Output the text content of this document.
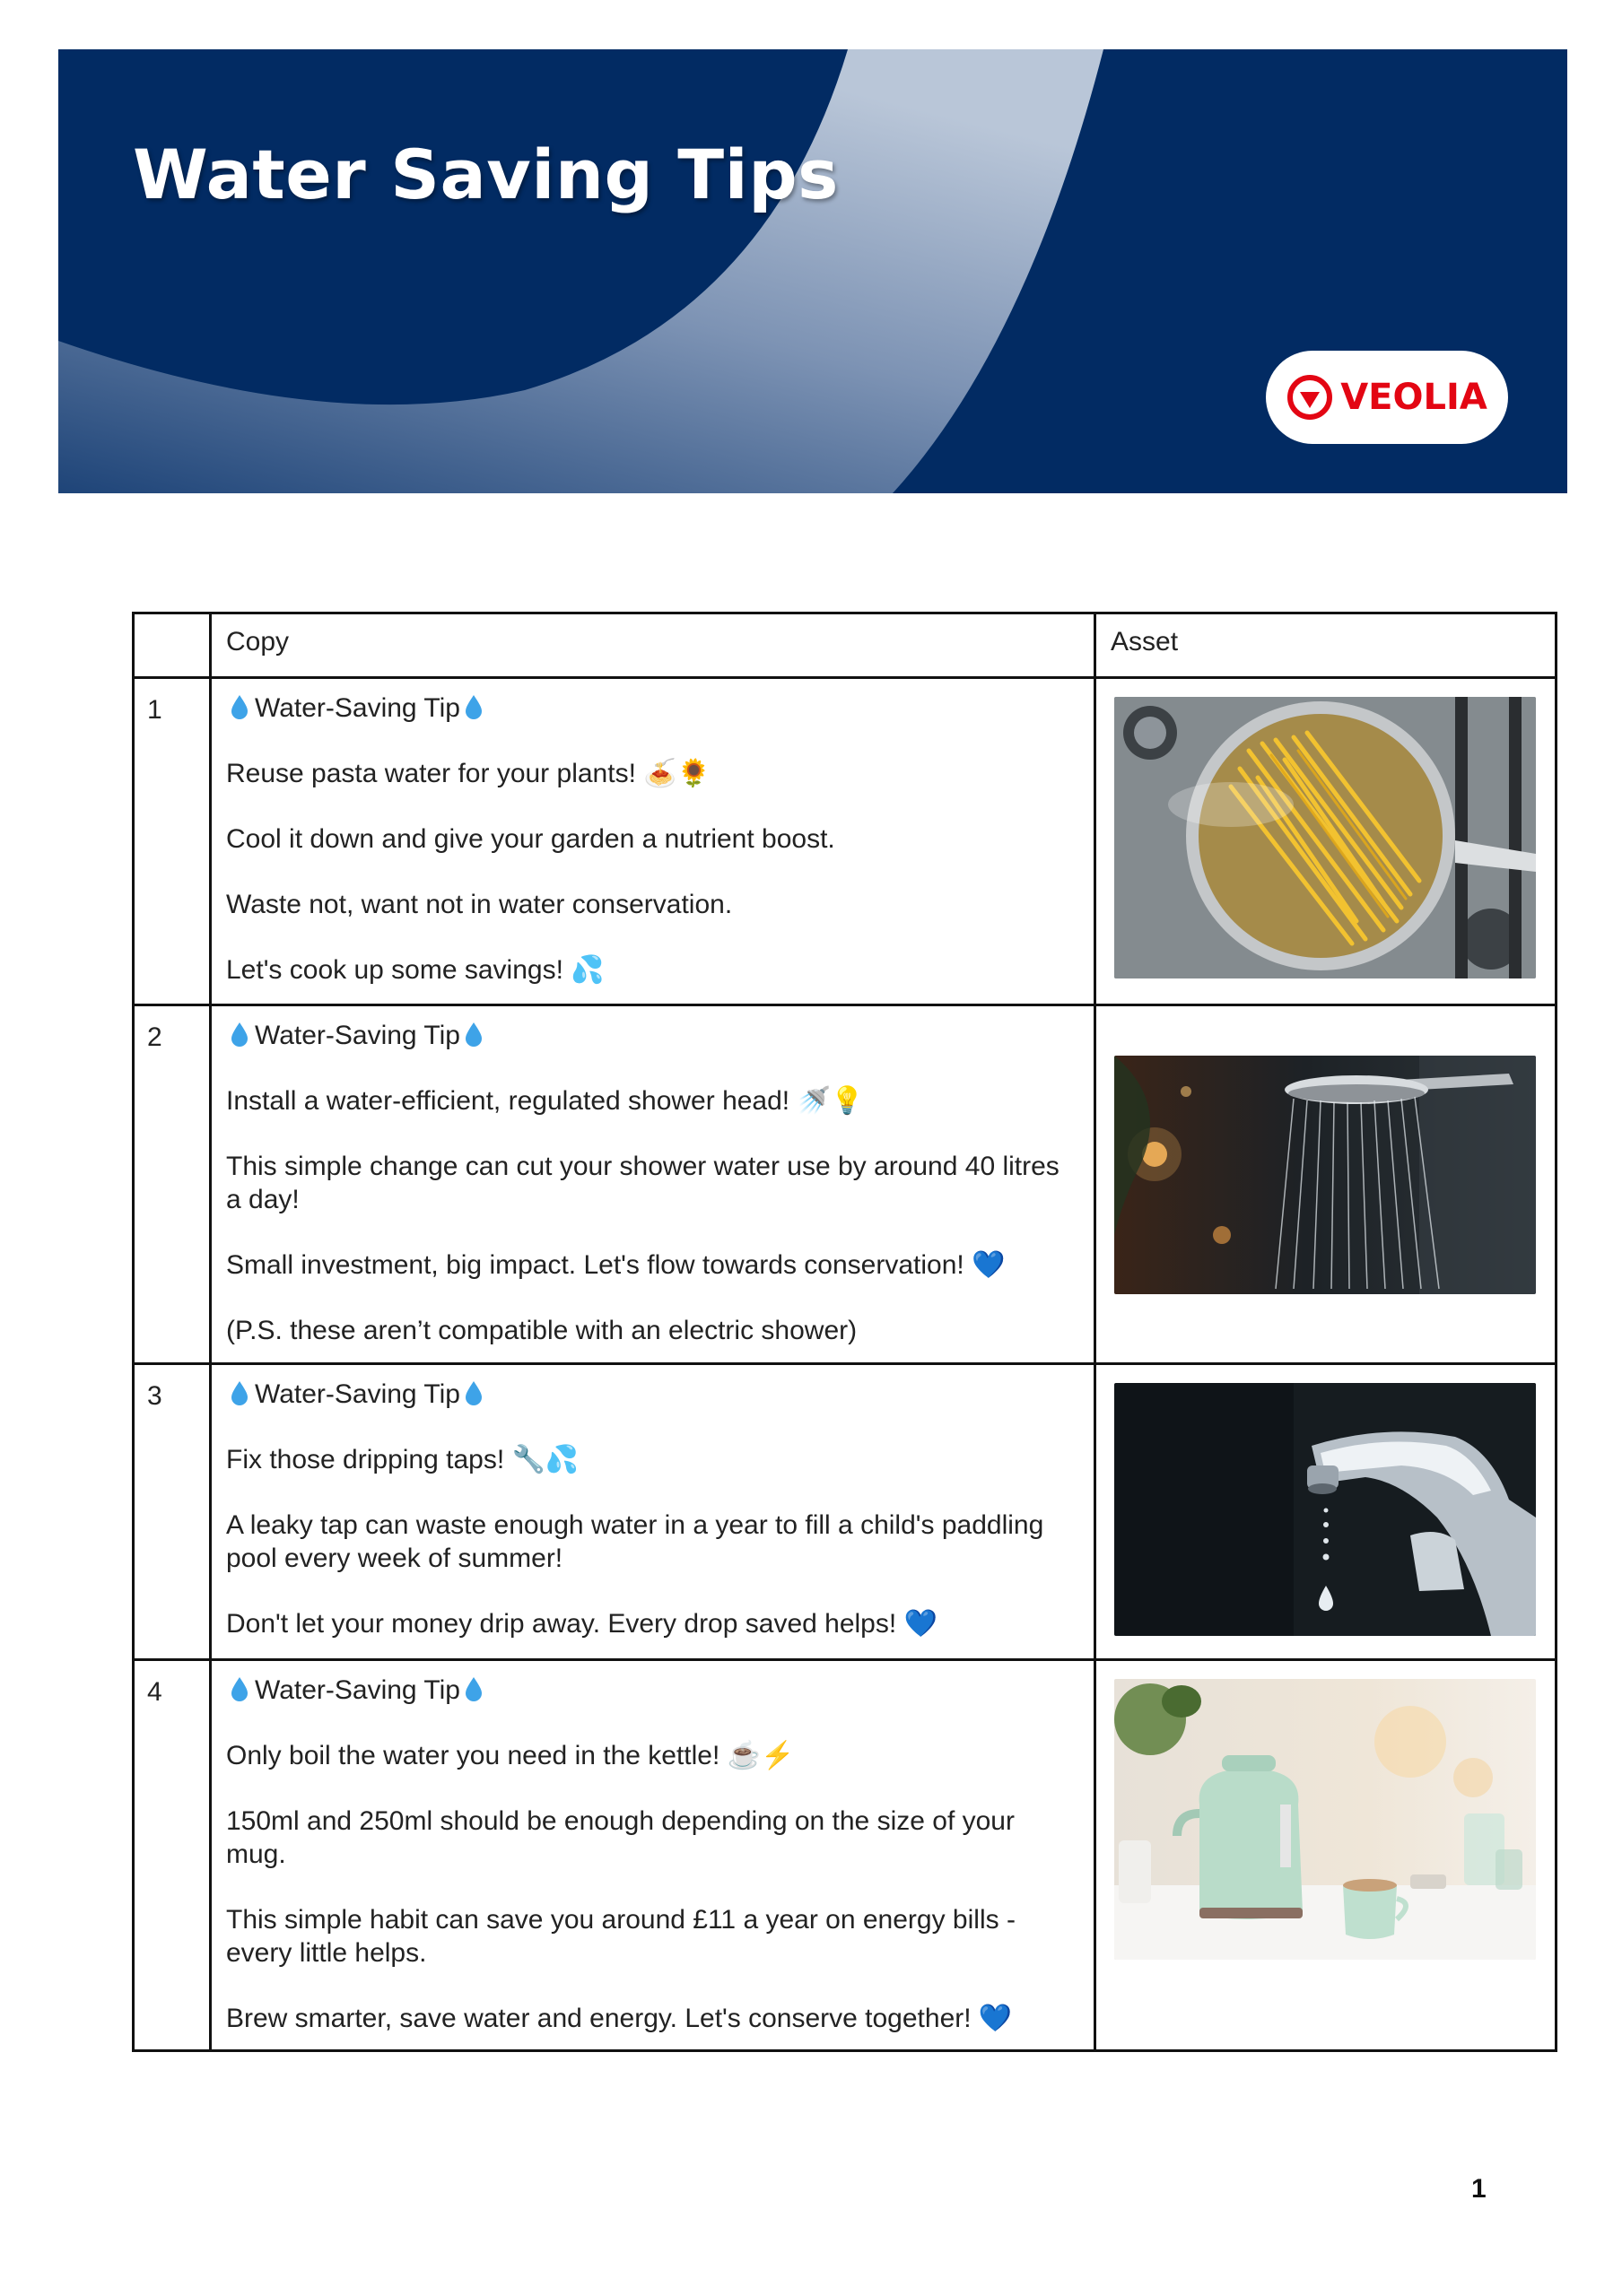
Water Saving Tips
VEOLIA
	Copy	Asset
1	Water-Saving Tip

Reuse pasta water for your plants! 🍝🌻

Cool it down and give your garden a nutrient boost.

Waste not, want not in water conservation.

Let's cook up some savings! 💦

2	Water-Saving Tip

Install a water-efficient, regulated shower head! 🚿💡

This simple change can cut your shower water use by around 40 litres a day!

Small investment, big impact. Let's flow towards conservation! 💙

(P.S. these aren’t compatible with an electric shower)

3	Water-Saving Tip

Fix those dripping taps! 🔧💦

A leaky tap can waste enough water in a year to fill a child's paddling pool every week of summer!

Don't let your money drip away. Every drop saved helps! 💙

4	Water-Saving Tip

Only boil the water you need in the kettle! ☕⚡

150ml and 250ml should be enough depending on the size of your mug.

This simple habit can save you around £11 a year on energy bills - every little helps.

Brew smarter, save water and energy. Let's conserve together! 💙

1
